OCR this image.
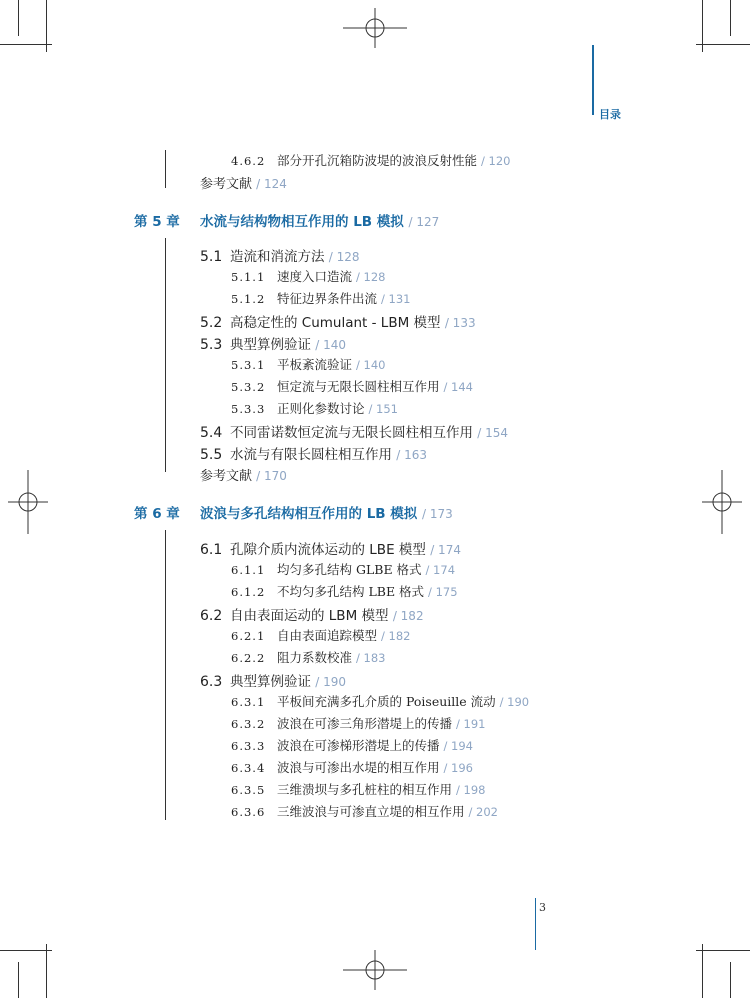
目录
4.6.2 部分开孔沉箱防波堤的波浪反射性能 / 120
参考文献 / 124
第 5 章 水流与结构物相互作用的 LB 模拟 / 127
5.1 造流和消流方法 / 128
5.1.1 速度入口造流 / 128
5.1.2 特征边界条件出流 / 131
5.2 高稳定性的 Cumulant - LBM 模型 / 133
5.3 典型算例验证 / 140
5.3.1 平板紊流验证 / 140
5.3.2 恒定流与无限长圆柱相互作用 / 144
5.3.3 正则化参数讨论 / 151
5.4 不同雷诺数恒定流与无限长圆柱相互作用 / 154
5.5 水流与有限长圆柱相互作用 / 163
参考文献 / 170
第 6 章 波浪与多孔结构相互作用的 LB 模拟 / 173
6.1 孔隙介质内流体运动的 LBE 模型 / 174
6.1.1 均匀多孔结构 GLBE 格式 / 174
6.1.2 不均匀多孔结构 LBE 格式 / 175
6.2 自由表面运动的 LBM 模型 / 182
6.2.1 自由表面追踪模型 / 182
6.2.2 阻力系数校准 / 183
6.3 典型算例验证 / 190
6.3.1 平板间充满多孔介质的 Poiseuille 流动 / 190
6.3.2 波浪在可渗三角形潜堤上的传播 / 191
6.3.3 波浪在可渗梯形潜堤上的传播 / 194
6.3.4 波浪与可渗出水堤的相互作用 / 196
6.3.5 三维溃坝与多孔桩柱的相互作用 / 198
6.3.6 三维波浪与可渗直立堤的相互作用 / 202
3
